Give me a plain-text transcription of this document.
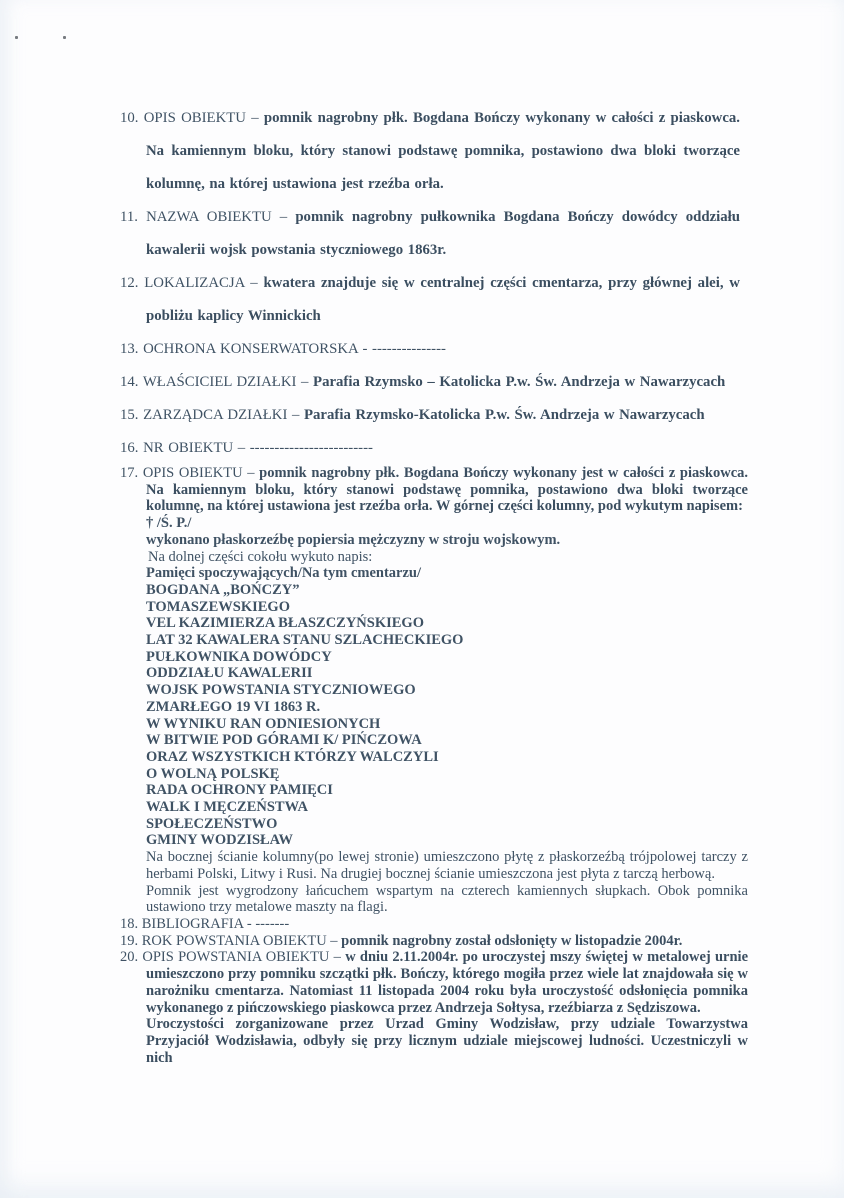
10. OPIS OBIEKTU – pomnik nagrobny płk. Bogdana Bończy wykonany w całości z piaskowca. Na kamiennym bloku, który stanowi podstawę pomnika, postawiono dwa bloki tworzące kolumnę, na której ustawiona jest rzeźba orła.

11. NAZWA OBIEKTU – pomnik nagrobny pułkownika Bogdana Bończy dowódcy oddziału kawalerii wojsk powstania styczniowego 1863r.

12. LOKALIZACJA – kwatera znajduje się w centralnej części cmentarza, przy głównej alei, w pobliżu kaplicy Winnickich

13. OCHRONA KONSERWATORSKA - ---------------

14. WŁAŚCICIEL DZIAŁKI – Parafia Rzymsko – Katolicka P.w. Św. Andrzeja w Nawarzycach

15. ZARZĄDCA DZIAŁKI – Parafia Rzymsko-Katolicka P.w. Św. Andrzeja w Nawarzycach

16. NR OBIEKTU – -------------------------

17. OPIS OBIEKTU – pomnik nagrobny płk. Bogdana Bończy wykonany jest w całości z piaskowca. Na kamiennym bloku, który stanowi podstawę pomnika, postawiono dwa bloki tworzące kolumnę, na której ustawiona jest rzeźba orła. W górnej części kolumny, pod wykutym napisem:

† /Ś. P./
wykonano płaskorzeźbę popiersia mężczyzny w stroju wojskowym.
Na dolnej części cokołu wykuto napis:
Pamięci spoczywających/Na tym cmentarzu/
BOGDANA „BOŃCZY”
TOMASZEWSKIEGO
VEL KAZIMIERZA BŁASZCZYŃSKIEGO
LAT 32 KAWALERA STANU SZLACHECKIEGO
PUŁKOWNIKA DOWÓDCY
ODDZIAŁU KAWALERII
WOJSK POWSTANIA STYCZNIOWEGO
ZMARŁEGO 19 VI 1863 R.
W WYNIKU RAN ODNIESIONYCH
W BITWIE POD GÓRAMI K/ PIŃCZOWA
ORAZ WSZYSTKICH KTÓRZY WALCZYLI
O WOLNĄ POLSKĘ
RADA OCHRONY PAMIĘCI
WALK I MĘCZEŃSTWA
SPOŁECZEŃSTWO
GMINY WODZISŁAW

Na bocznej ścianie kolumny(po lewej stronie) umieszczono płytę z płaskorzeźbą trójpolowej tarczy z herbami Polski, Litwy i Rusi. Na drugiej bocznej ścianie umieszczona jest płyta z tarczą herbową.

Pomnik jest wygrodzony łańcuchem wspartym na czterech kamiennych słupkach. Obok pomnika ustawiono trzy metalowe maszty na flagi.

18. BIBLIOGRAFIA - -------

19. ROK POWSTANIA OBIEKTU – pomnik nagrobny został odsłonięty w listopadzie 2004r.

20. OPIS POWSTANIA OBIEKTU – w dniu 2.11.2004r. po uroczystej mszy świętej w metalowej urnie umieszczono przy pomniku szczątki płk. Bończy, którego mogiła przez wiele lat znajdowała się w narożniku cmentarza. Natomiast 11 listopada 2004 roku była uroczystość odsłonięcia pomnika wykonanego z pińczowskiego piaskowca przez Andrzeja Sołtysa, rzeźbiarza z Sędziszowa.

Uroczystości zorganizowane przez Urzad Gminy Wodzisław, przy udziale Towarzystwa Przyjaciół Wodzisławia, odbyły się przy licznym udziale miejscowej ludności. Uczestniczyli w nich
